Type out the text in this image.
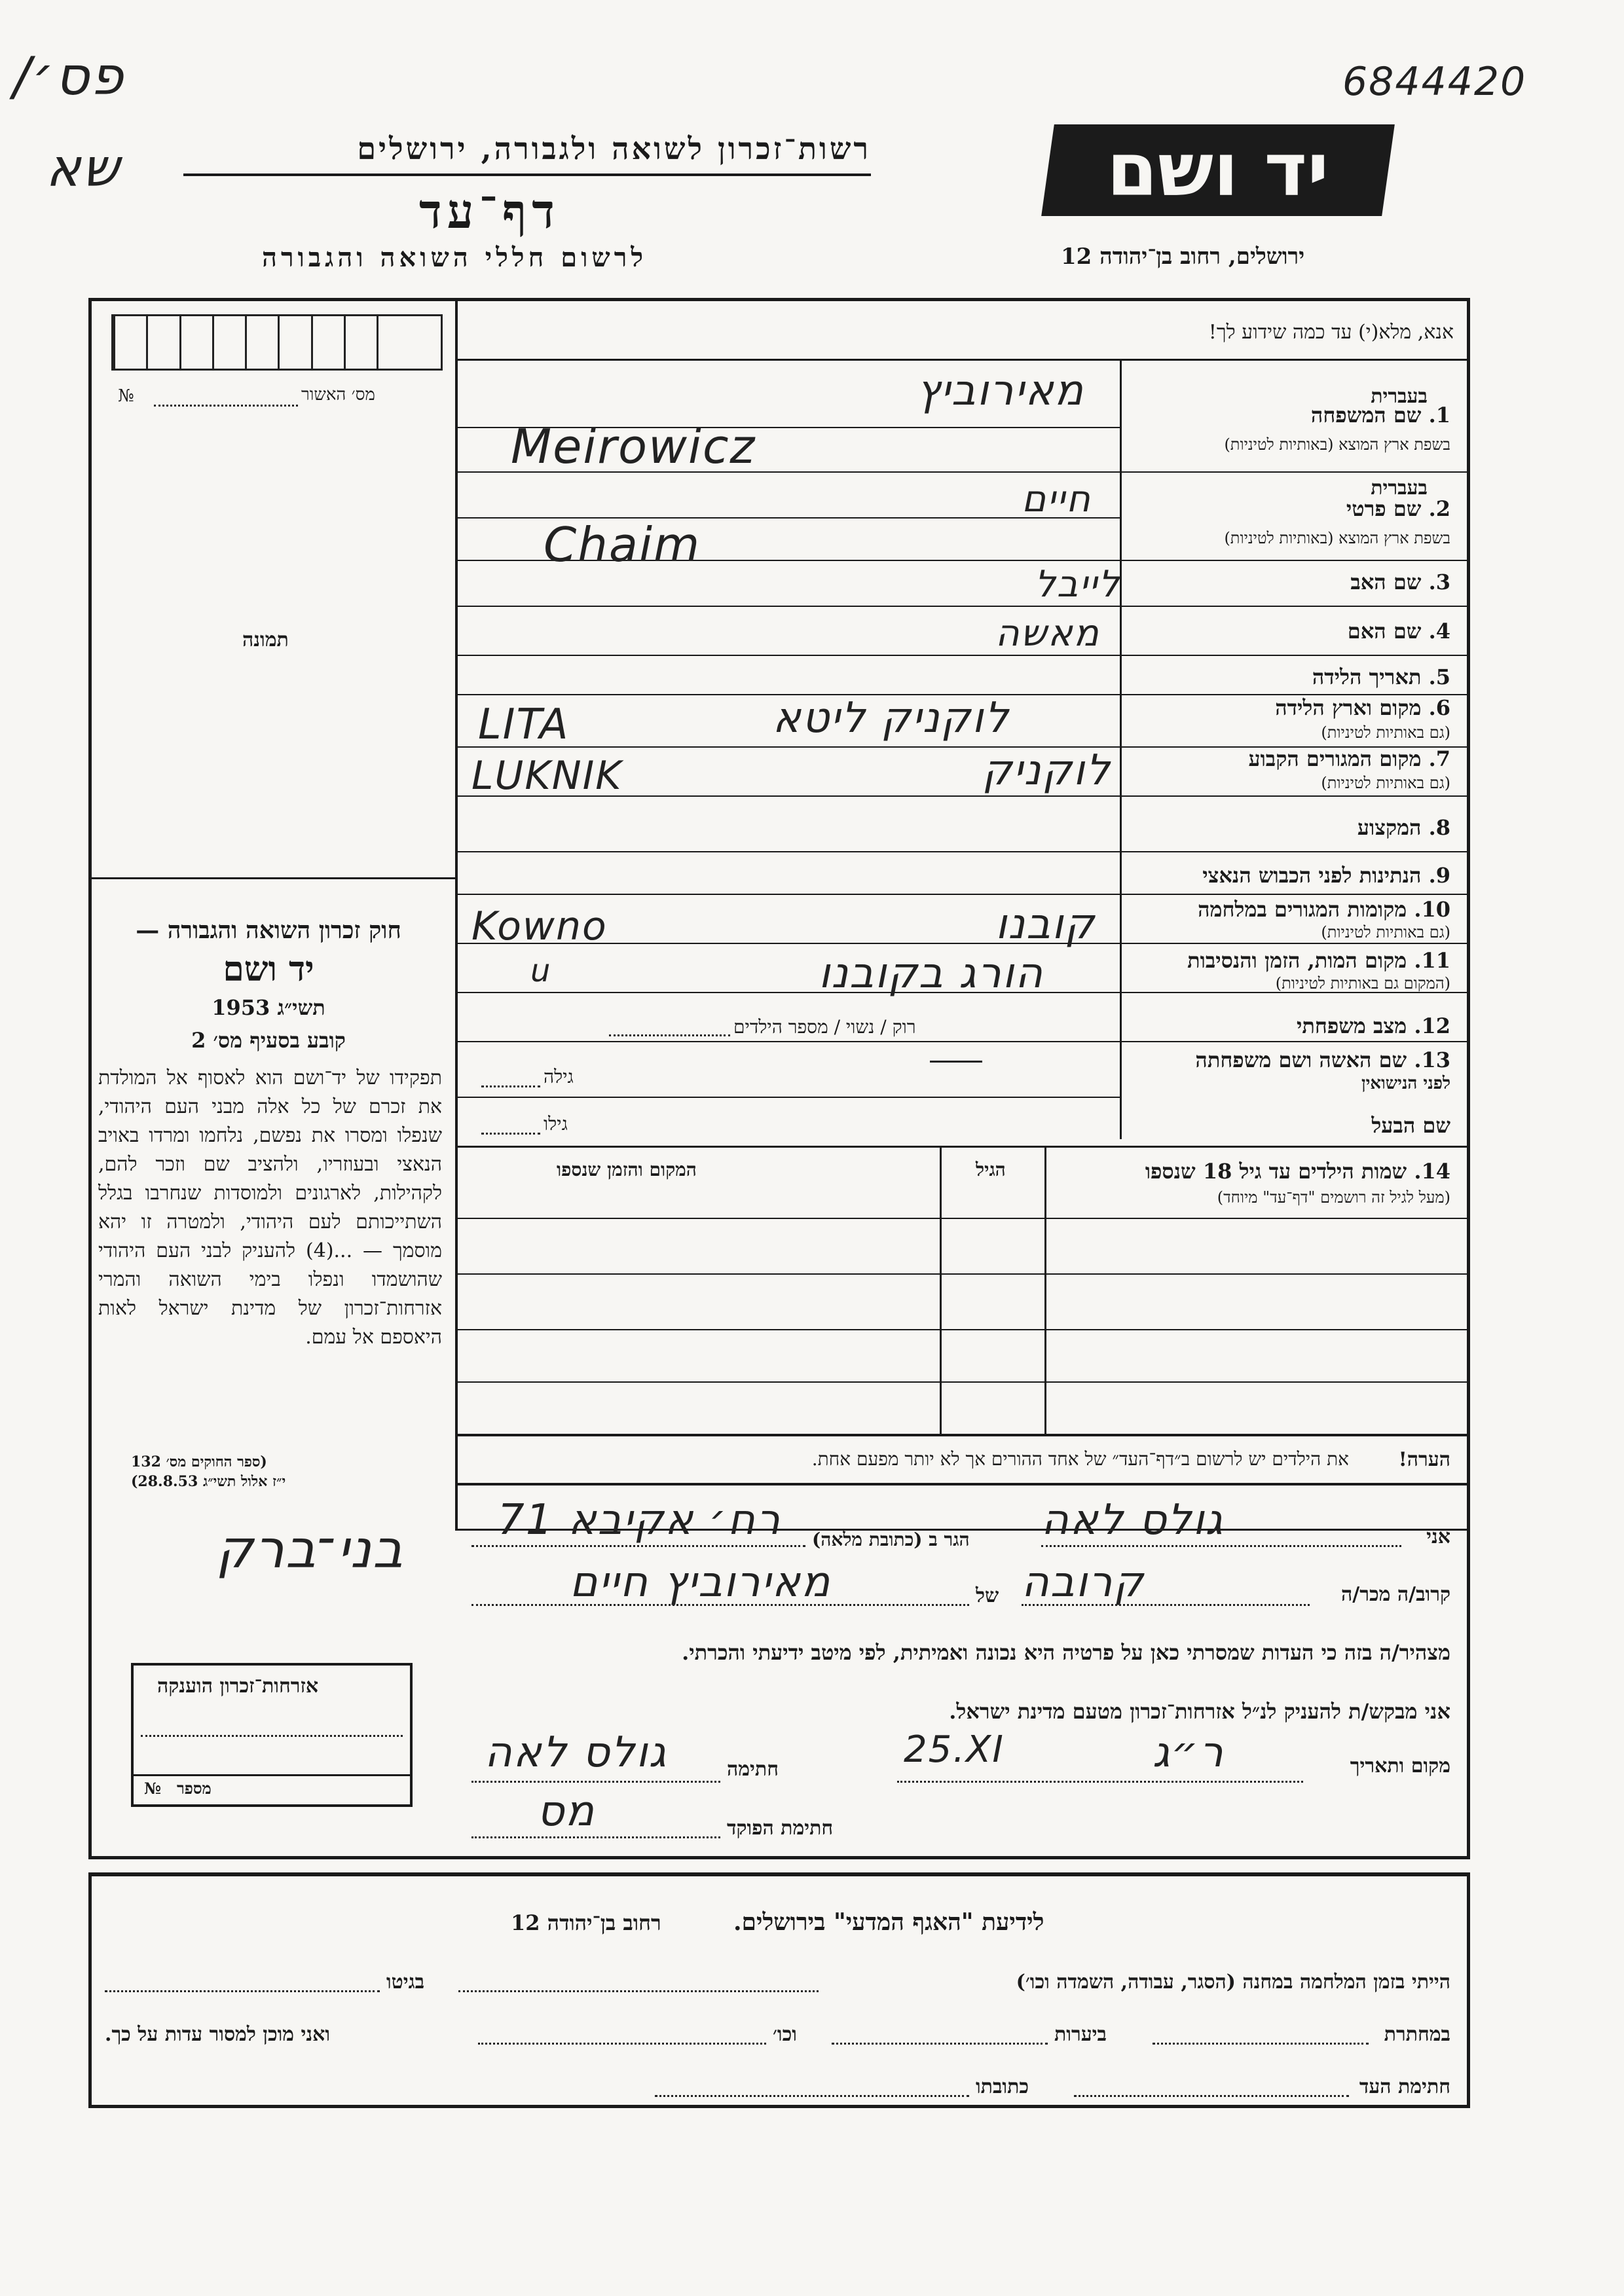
פס׳/
שא
6844420
רשות־זכרון לשואה ולגבורה, ירושלים
דף־עד
לרשום חללי השואה והגבורה
יד ושם
ירושלים, רחוב בן־יהודה 12
אנא, מלא(י) עד כמה שידוע לך!
מס׳ האשור
№
תמונה
חוק זכרון השואה והגבורה —
יד ושם
תשי״ג 1953
קובע בסעיף מס׳ 2
תפקידו של יד־ושם הוא לאסוף אל המולדת את זכרם של כל אלה מבני העם היהודי, שנפלו ומסרו את נפשם, נלחמו ומרדו באויב הנאצי ובעוזריו, ולהציב שם וזכר להם, לקהילות, לארגונים ולמוסדות שנחרבו בגלל השתייכותם לעם היהודי, ולמטרה זו יהא מוסמך — ...(4) להעניק לבני העם היהודי שהושמדו ונפלו בימי השואה והמרי אזרחות־זכרון של מדינת ישראל לאות היאספם אל עמם.
(ספר החוקים מס׳ 132
י״ז אלול תשי״ג 28.8.53)
בני־ברק
אזרחות־זכרון הוענקה
מספר
№
בעברית
1. שם המשפחה
בשפת ארץ המוצא (באותיות לטיניות)
מאירוביץ
Meirowicz
בעברית
2. שם פרטי
בשפת ארץ המוצא (באותיות לטיניות)
חיים
Chaim
3. שם האב
לייבל
4. שם האם
מאשה
5. תאריך הלידה
6. מקום וארץ הלידה
(גם באותיות לטיניות)
לוקניק ליטא
LITA
7. מקום המגורים הקבוע
(גם באותיות לטיניות)
לוקניק
LUKNIK
8. המקצוע
9. הנתינות לפני הכבוש הנאצי
10. מקומות המגורים במלחמה
(גם באותיות לטיניות)
קובנו
Kowno
11. מקום המות, הזמן והנסיבות
(המקום גם באותיות לטיניות)
הורג בקובנו
u
12. מצב משפחתי
רוק / נשוי / מספר הילדים
13. שם האשה ושם משפחתה
לפני הנישואין
גילה
שם הבעל
גילו
14. שמות הילדים עד גיל 18 שנספו
(מעל לגיל זה רושמים "דף־עד" מיוחד)
הגיל
המקום והזמן שנספו
הערה!
את הילדים יש לרשום ב״דף־העד״ של אחד ההורים אך לא יותר מפעם אחת.
אני
גולס לאה
הגר ב (כתובת מלאה)
רח׳ אקיבא 71
קרוב/ה מכר/ה
קרובה
של
מאירוביץ חיים
מצהיר/ה בזה כי העדות שמסרתי כאן על פרטיה היא נכונה ואמיתית, לפי מיטב ידיעתי והכרתי.
אני מבקש/ת להעניק לנ״ל אזרחות־זכרון מטעם מדינת ישראל.
מקום ותאריך
ר״ג
25.XI
חתימה
גולס לאה
חתימת הפוקד
מס
לידיעת "האגף המדעי" בירושלים.
רחוב בן־יהודה 12
הייתי בזמן המלחמה במחנה (הסגר, עבודה, השמדה וכו׳)
בגיטו
במחתרת
ביערות
וכו׳
ואני מוכן למסור עדות על כך.
חתימת העד
כתובתו
